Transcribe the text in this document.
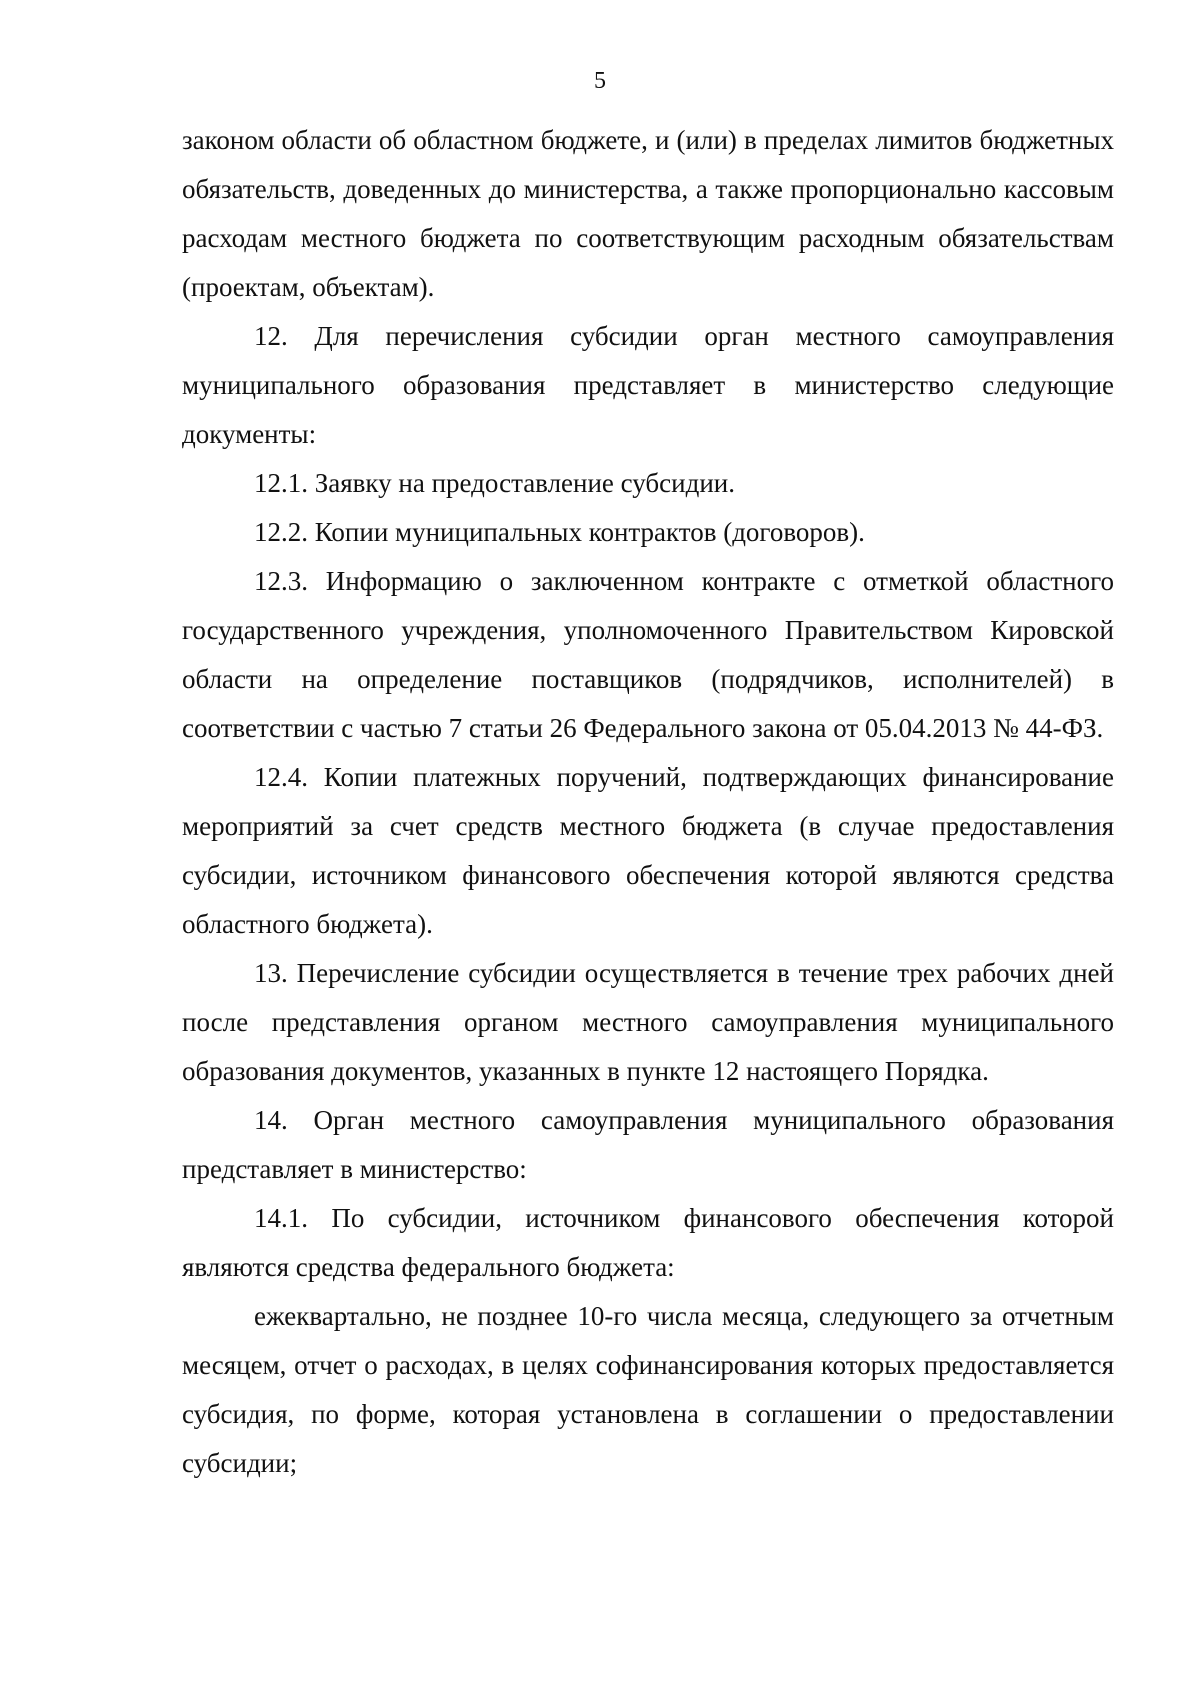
5

законом области об областном бюджете, и (или) в пределах лимитов бюджетных обязательств, доведенных до министерства, а также пропорционально кассовым расходам местного бюджета по соответствующим расходным обязательствам (проектам, объектам).

12. Для перечисления субсидии орган местного самоуправления муниципального образования представляет в министерство следующие документы:

12.1. Заявку на предоставление субсидии.

12.2. Копии муниципальных контрактов (договоров).

12.3. Информацию о заключенном контракте с отметкой областного государственного учреждения, уполномоченного Правительством Кировской области на определение поставщиков (подрядчиков, исполнителей) в соответствии с частью 7 статьи 26 Федерального закона от 05.04.2013 № 44-ФЗ.

12.4. Копии платежных поручений, подтверждающих финансирование мероприятий за счет средств местного бюджета (в случае предоставления субсидии, источником финансового обеспечения которой являются средства областного бюджета).

13. Перечисление субсидии осуществляется в течение трех рабочих дней после представления органом местного самоуправления муниципального образования документов, указанных в пункте 12 настоящего Порядка.

14. Орган местного самоуправления муниципального образования представляет в министерство:

14.1. По субсидии, источником финансового обеспечения которой являются средства федерального бюджета:

ежеквартально, не позднее 10-го числа месяца, следующего за отчетным месяцем, отчет о расходах, в целях софинансирования которых предоставляется субсидия, по форме, которая установлена в соглашении о предоставлении субсидии;
